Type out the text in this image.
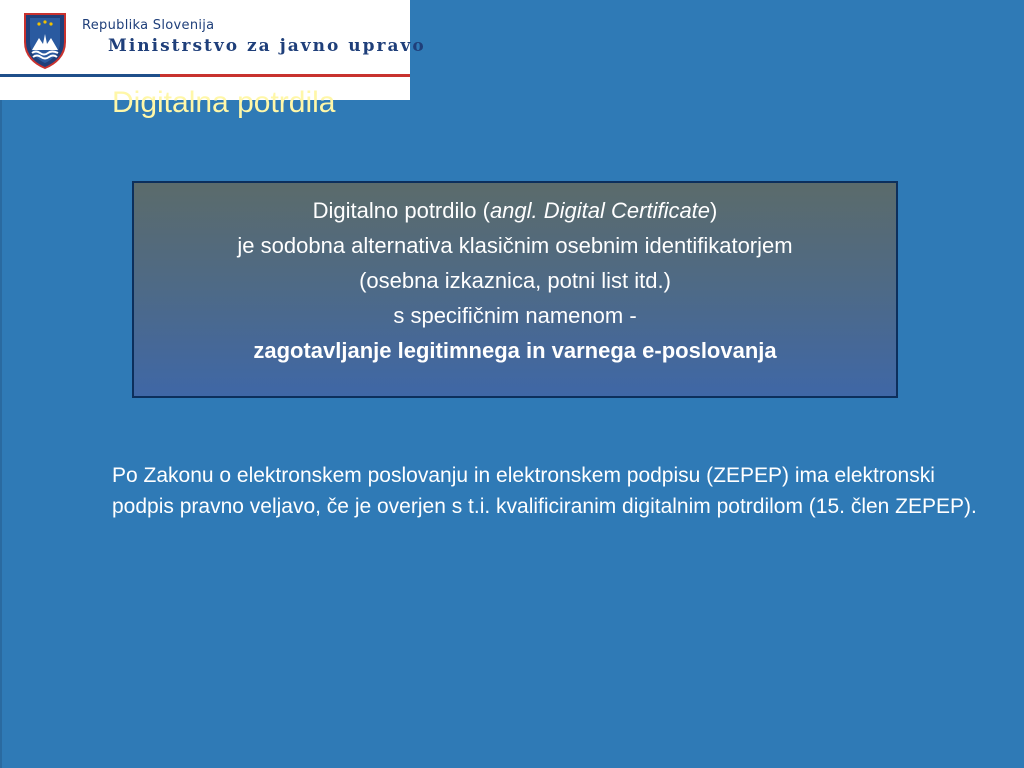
Republika Slovenija
Ministrstvo za javno upravo
Digitalna potrdila
Digitalno potrdilo (angl. Digital Certificate)
je sodobna alternativa klasičnim osebnim identifikatorjem
(osebna izkaznica, potni list itd.)
s specifičnim namenom -
zagotavljanje legitimnega in varnega e-poslovanja
Po Zakonu o elektronskem poslovanju in elektronskem podpisu (ZEPEP) ima elektronski podpis pravno veljavo, če je overjen s t.i. kvalificiranim digitalnim potrdilom (15. člen ZEPEP).
